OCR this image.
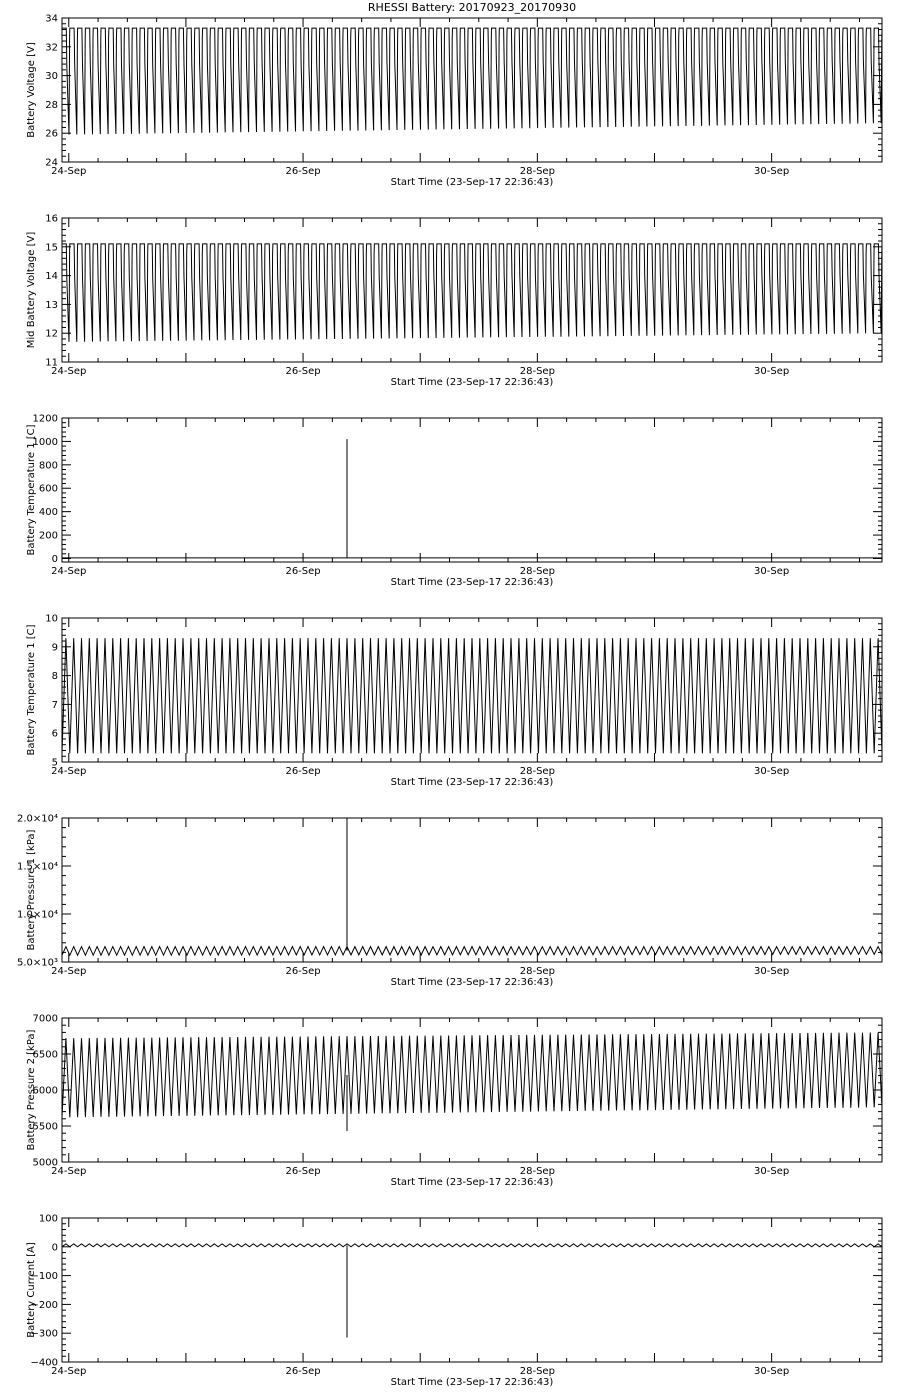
RHESSI Battery: 20170923_20170930
24
26
28
30
32
34
Battery Voltage [V]
24-Sep	26-Sep	28-Sep	30-Sep
Start Time (23-Sep-17 22:36:43)
11
12
13
14
15
16
Mid Battery Voltage [V]
24-Sep	26-Sep	28-Sep	30-Sep
Start Time (23-Sep-17 22:36:43)
0
200
400
600
800
1000
1200
Battery Temperature 1 [C]
24-Sep	26-Sep	28-Sep	30-Sep
Start Time (23-Sep-17 22:36:43)
5
6
7
8
9
10
Battery Temperature 1 [C]
24-Sep	26-Sep	28-Sep	30-Sep
Start Time (23-Sep-17 22:36:43)
5.0×10³
1.0×10⁴
1.5×10⁴
2.0×10⁴
Battery Pressure 1 [kPa]
24-Sep	26-Sep	28-Sep	30-Sep
Start Time (23-Sep-17 22:36:43)
5000
5500
6000
6500
7000
Battery Pressure 2 [kPa]
24-Sep	26-Sep	28-Sep	30-Sep
Start Time (23-Sep-17 22:36:43)
−400
−300
−200
−100
0
100
Battery Current [A]
24-Sep	26-Sep	28-Sep	30-Sep
Start Time (23-Sep-17 22:36:43)
